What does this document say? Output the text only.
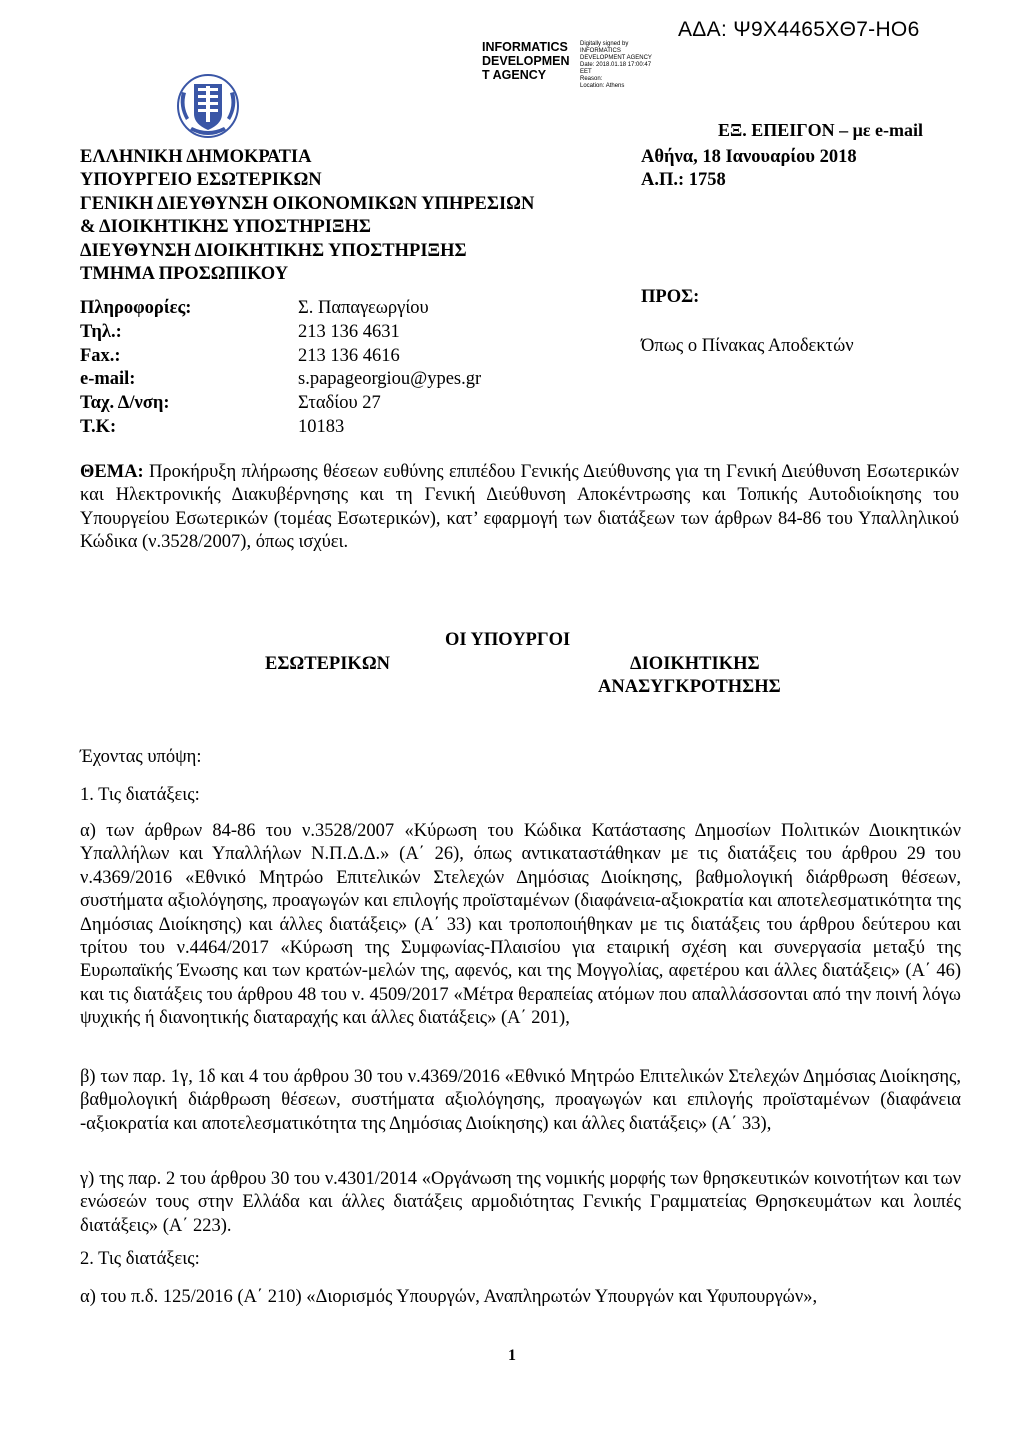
ΑΔΑ: Ψ9Χ4465ΧΘ7-ΗΟ6
INFORMATICS
DEVELOPMEN
T AGENCY
Digitally signed by
INFORMATICS
DEVELOPMENT AGENCY
Date: 2018.01.18 17:00:47
EET
Reason:
Location: Athens
ΕΞ. ΕΠΕΙΓΟΝ – με e-mail
ΕΛΛΗΝΙΚΗ ΔΗΜΟΚΡΑΤΙΑ
ΥΠΟΥΡΓΕΙΟ ΕΣΩΤΕΡΙΚΩΝ
ΓΕΝΙΚΗ ΔΙΕΥΘΥΝΣΗ ΟΙΚΟΝΟΜΙΚΩΝ ΥΠΗΡΕΣΙΩΝ
& ΔΙΟΙΚΗΤΙΚΗΣ ΥΠΟΣΤΗΡΙΞΗΣ
ΔΙΕΥΘΥΝΣΗ ΔΙΟΙΚΗΤΙΚΗΣ ΥΠΟΣΤΗΡΙΞΗΣ
ΤΜΗΜΑ ΠΡΟΣΩΠΙΚΟΥ
Αθήνα, 18 Ιανουαρίου 2018
Α.Π.: 1758
Πληροφορίες:	Σ. Παπαγεωργίου
Τηλ.:	213 136 4631
Fax.:	213 136 4616
e-mail:	s.papageorgiou@ypes.gr
Ταχ. Δ/νση:	Σταδίου 27
Τ.Κ:	10183
ΠΡΟΣ:
Όπως ο Πίνακας Αποδεκτών
ΘΕΜΑ: Προκήρυξη πλήρωσης θέσεων ευθύνης επιπέδου Γενικής Διεύθυνσης για τη Γενική Διεύθυνση Εσωτερικών και Ηλεκτρονικής Διακυβέρνησης και τη Γενική Διεύθυνση Αποκέντρωσης και Τοπικής Αυτοδιοίκησης του Υπουργείου Εσωτερικών (τομέας Εσωτερικών), κατ’ εφαρμογή των διατάξεων των άρθρων 84-86 του Υπαλληλικού Κώδικα (ν.3528/2007), όπως ισχύει.
ΟΙ ΥΠΟΥΡΓΟΙ
ΕΣΩΤΕΡΙΚΩΝ	ΔΙΟΙΚΗΤΙΚΗΣ
ΑΝΑΣΥΓΚΡΟΤΗΣΗΣ
Έχοντας υπόψη:
1. Τις διατάξεις:
α) των άρθρων 84-86 του ν.3528/2007 «Κύρωση του Κώδικα Κατάστασης Δημοσίων Πολιτικών Διοικητικών Υπαλλήλων και Υπαλλήλων Ν.Π.Δ.Δ.» (Α΄ 26), όπως αντικαταστάθηκαν με τις διατάξεις του άρθρου 29 του ν.4369/2016 «Εθνικό Μητρώο Επιτελικών Στελεχών Δημόσιας Διοίκησης, βαθμολογική διάρθρωση θέσεων, συστήματα αξιολόγησης, προαγωγών και επιλογής προϊσταμένων (διαφάνεια-αξιοκρατία και αποτελεσματικότητα της Δημόσιας Διοίκησης) και άλλες διατάξεις» (Α΄ 33) και τροποποιήθηκαν με τις διατάξεις του άρθρου δεύτερου και τρίτου του ν.4464/2017 «Κύρωση της Συμφωνίας-Πλαισίου για εταιρική σχέση και συνεργασία μεταξύ της Ευρωπαϊκής Ένωσης και των κρατών-μελών της, αφενός, και της Μογγολίας, αφετέρου και άλλες διατάξεις» (Α΄ 46) και τις διατάξεις του άρθρου 48 του ν. 4509/2017 «Μέτρα θεραπείας ατόμων που απαλλάσσονται από την ποινή λόγω ψυχικής ή διανοητικής διαταραχής και άλλες διατάξεις» (Α΄ 201),
β) των παρ. 1γ, 1δ και 4 του άρθρου 30 του ν.4369/2016 «Εθνικό Μητρώο Επιτελικών Στελεχών Δημόσιας Διοίκησης, βαθμολογική διάρθρωση θέσεων, συστήματα αξιολόγησης, προαγωγών και επιλογής προϊσταμένων (διαφάνεια -αξιοκρατία και αποτελεσματικότητα της Δημόσιας Διοίκησης) και άλλες διατάξεις» (Α΄ 33),
γ) της παρ. 2 του άρθρου 30 του ν.4301/2014 «Οργάνωση της νομικής μορφής των θρησκευτικών κοινοτήτων και των ενώσεών τους στην Ελλάδα και άλλες διατάξεις αρμοδιότητας Γενικής Γραμματείας Θρησκευμάτων και λοιπές διατάξεις» (Α΄ 223).
2. Τις διατάξεις:
α) του π.δ. 125/2016 (Α΄ 210) «Διορισμός Υπουργών, Αναπληρωτών Υπουργών και Υφυπουργών»,
1
